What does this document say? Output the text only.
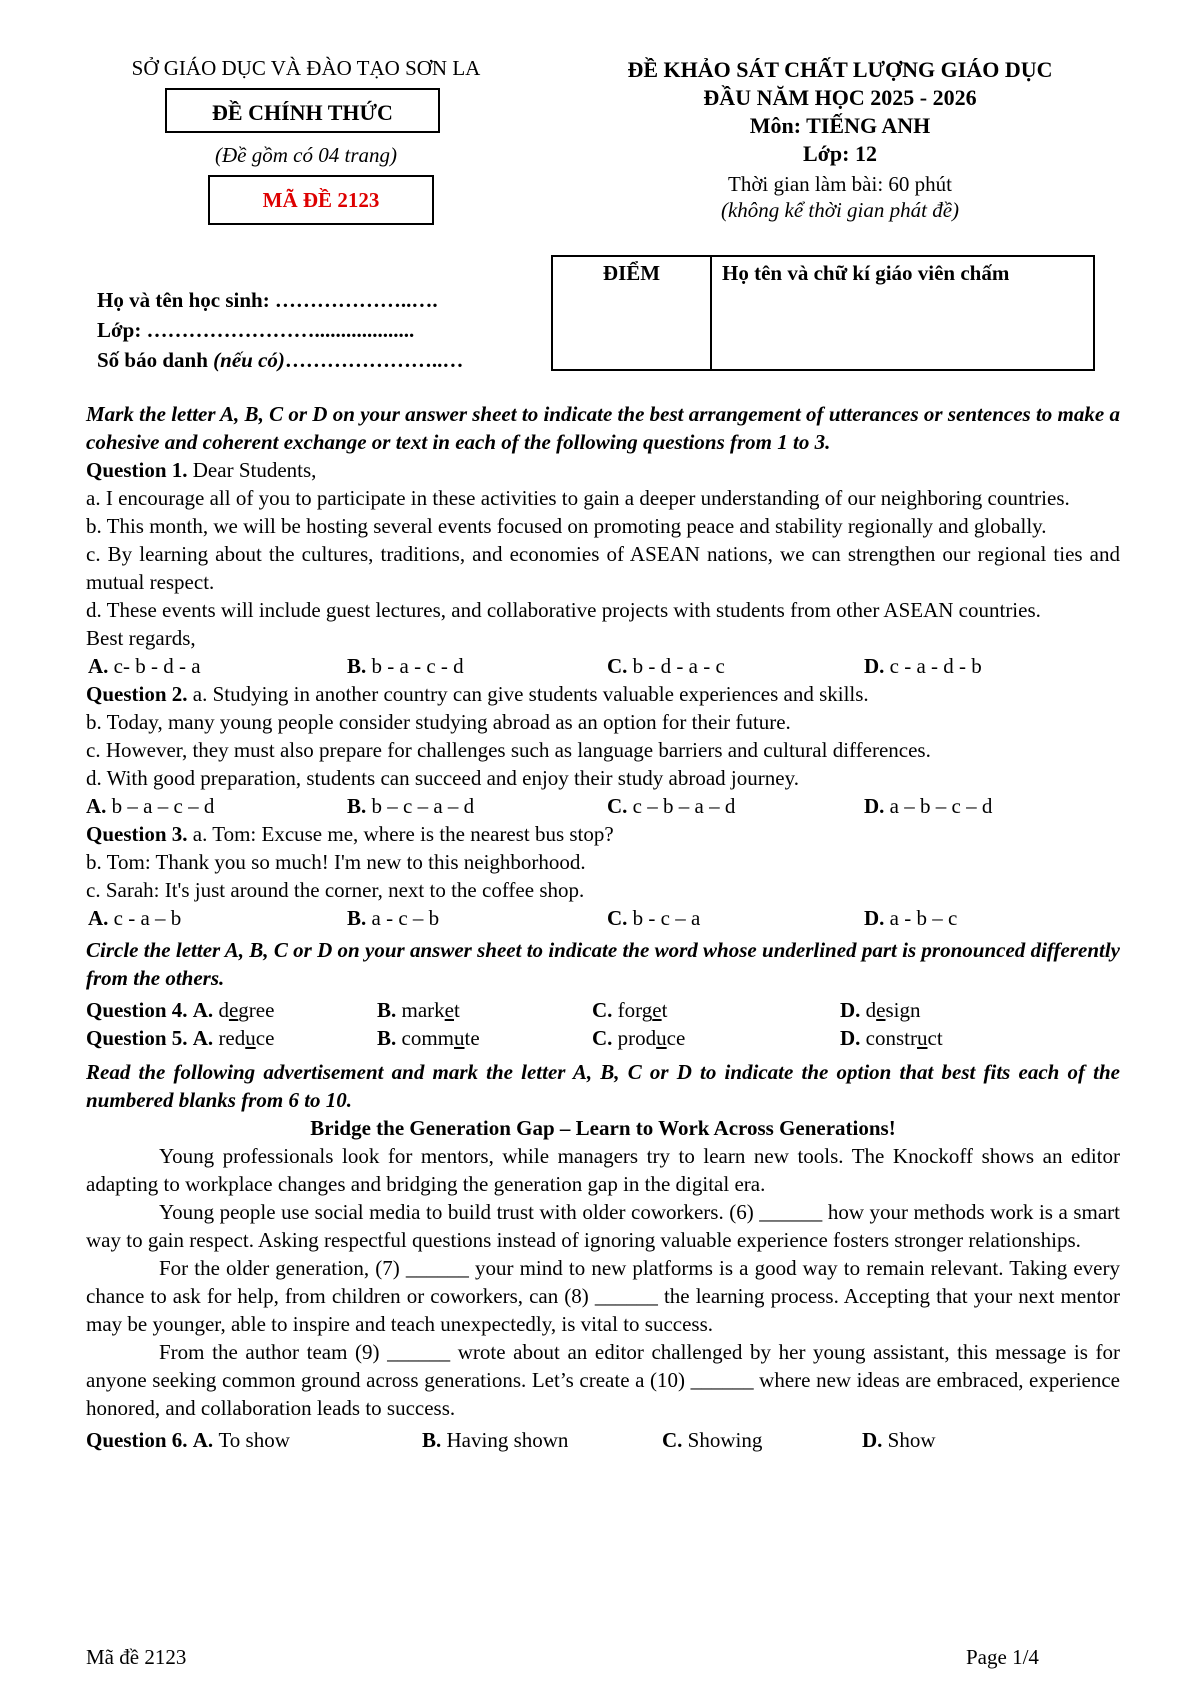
SỞ GIÁO DỤC VÀ ĐÀO TẠO SƠN LA
ĐỀ CHÍNH THỨC
(Đề gồm có 04 trang)
MÃ ĐỀ 2123
ĐỀ KHẢO SÁT CHẤT LƯỢNG GIÁO DỤC
ĐẦU NĂM HỌC 2025 - 2026
Môn: TIẾNG ANH
Lớp: 12
Thời gian làm bài: 60 phút
(không kể thời gian phát đề)
Họ và tên học sinh: ………………..….
Lớp: ……………………...................
Số báo danh (nếu có)…………………..…
ĐIỂM	Họ tên và chữ kí giáo viên chấm

Mark the letter A, B, C or D on your answer sheet to indicate the best arrangement of utterances or sentences to make a cohesive and coherent exchange or text in each of the following questions from 1 to 3.

Question 1. Dear Students,

a. I encourage all of you to participate in these activities to gain a deeper understanding of our neighboring countries.

b. This month, we will be hosting several events focused on promoting peace and stability regionally and globally.

c. By learning about the cultures, traditions, and economies of ASEAN nations, we can strengthen our regional ties and mutual respect.

d. These events will include guest lectures, and collaborative projects with students from other ASEAN countries.

Best regards,

A. c- b - d - a	B. b - a - c - d	C. b - d - a - c	D. c - a - d - b

Question 2. a. Studying in another country can give students valuable experiences and skills.

b. Today, many young people consider studying abroad as an option for their future.

c. However, they must also prepare for challenges such as language barriers and cultural differences.

d. With good preparation, students can succeed and enjoy their study abroad journey.

A. b – a – c – d	B. b – c – a – d	C. c – b – a – d	D. a – b – c – d

Question 3. a. Tom: Excuse me, where is the nearest bus stop?

b. Tom: Thank you so much! I'm new to this neighborhood.

c. Sarah: It's just around the corner, next to the coffee shop.

A. c - a – b	B. a - c – b	C. b - c – a	D. a - b – c

Circle the letter A, B, C or D on your answer sheet to indicate the word whose underlined part is pronounced differently from the others.

Question 4. A. degree	B. market	C. forget	D. design
Question 5. A. reduce	B. commute	C. produce	D. construct

Read the following advertisement and mark the letter A, B, C or D to indicate the option that best fits each of the numbered blanks from 6 to 10.

Bridge the Generation Gap – Learn to Work Across Generations!

Young professionals look for mentors, while managers try to learn new tools. The Knockoff shows an editor adapting to workplace changes and bridging the generation gap in the digital era.

Young people use social media to build trust with older coworkers. (6) ______ how your methods work is a smart way to gain respect. Asking respectful questions instead of ignoring valuable experience fosters stronger relationships.

For the older generation, (7) ______ your mind to new platforms is a good way to remain relevant. Taking every chance to ask for help, from children or coworkers, can (8) ______ the learning process. Accepting that your next mentor may be younger, able to inspire and teach unexpectedly, is vital to success.

From the author team (9) ______ wrote about an editor challenged by her young assistant, this message is for anyone seeking common ground across generations. Let’s create a (10) ______ where new ideas are embraced, experience honored, and collaboration leads to success.

Question 6. A. To show	B. Having shown	C. Showing	D. Show
Mã đề 2123	Page 1/4
